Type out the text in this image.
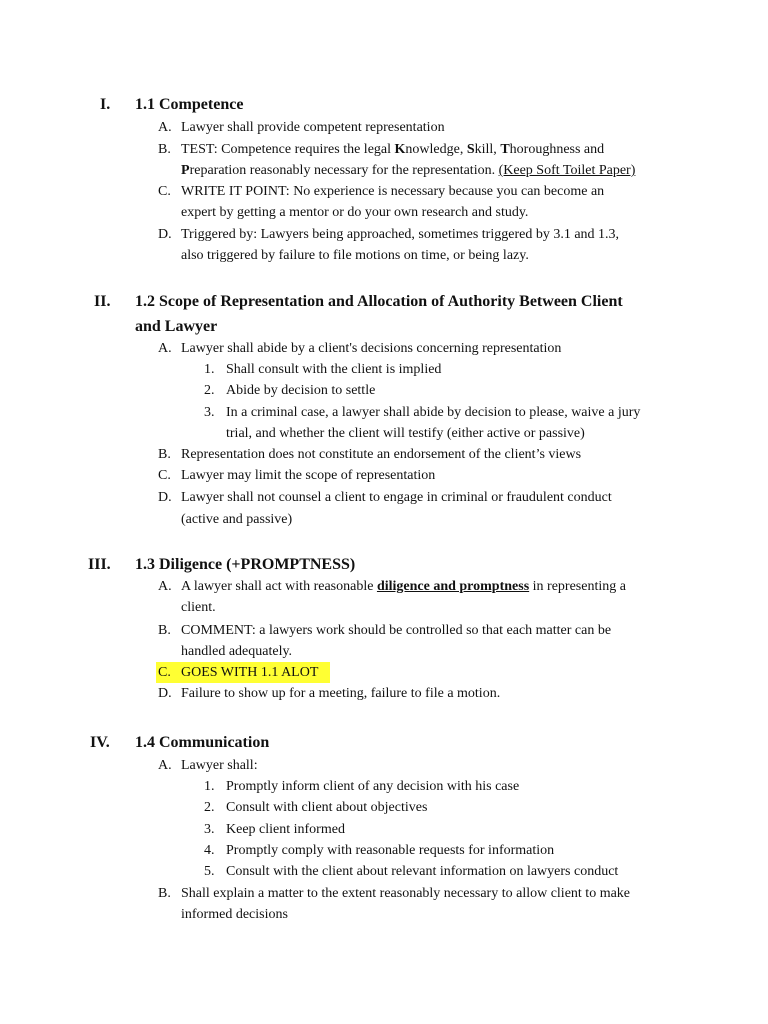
I. 1.1 Competence
A. Lawyer shall provide competent representation
B. TEST: Competence requires the legal Knowledge, Skill, Thoroughness and
Preparation reasonably necessary for the representation. (Keep Soft Toilet Paper)
C. WRITE IT POINT: No experience is necessary because you can become an
expert by getting a mentor or do your own research and study.
D. Triggered by: Lawyers being approached, sometimes triggered by 3.1 and 1.3,
also triggered by failure to file motions on time, or being lazy.
II. 1.2 Scope of Representation and Allocation of Authority Between Client
and Lawyer
A. Lawyer shall abide by a client's decisions concerning representation
1. Shall consult with the client is implied
2. Abide by decision to settle
3. In a criminal case, a lawyer shall abide by decision to please, waive a jury
trial, and whether the client will testify (either active or passive)
B. Representation does not constitute an endorsement of the client’s views
C. Lawyer may limit the scope of representation
D. Lawyer shall not counsel a client to engage in criminal or fraudulent conduct
(active and passive)
III. 1.3 Diligence (+PROMPTNESS)
A. A lawyer shall act with reasonable diligence and promptness in representing a
client.
B. COMMENT: a lawyers work should be controlled so that each matter can be
handled adequately.
C. GOES WITH 1.1 ALOT
D. Failure to show up for a meeting, failure to file a motion.
IV. 1.4 Communication
A. Lawyer shall:
1. Promptly inform client of any decision with his case
2. Consult with client about objectives
3. Keep client informed
4. Promptly comply with reasonable requests for information
5. Consult with the client about relevant information on lawyers conduct
B. Shall explain a matter to the extent reasonably necessary to allow client to make
informed decisions
